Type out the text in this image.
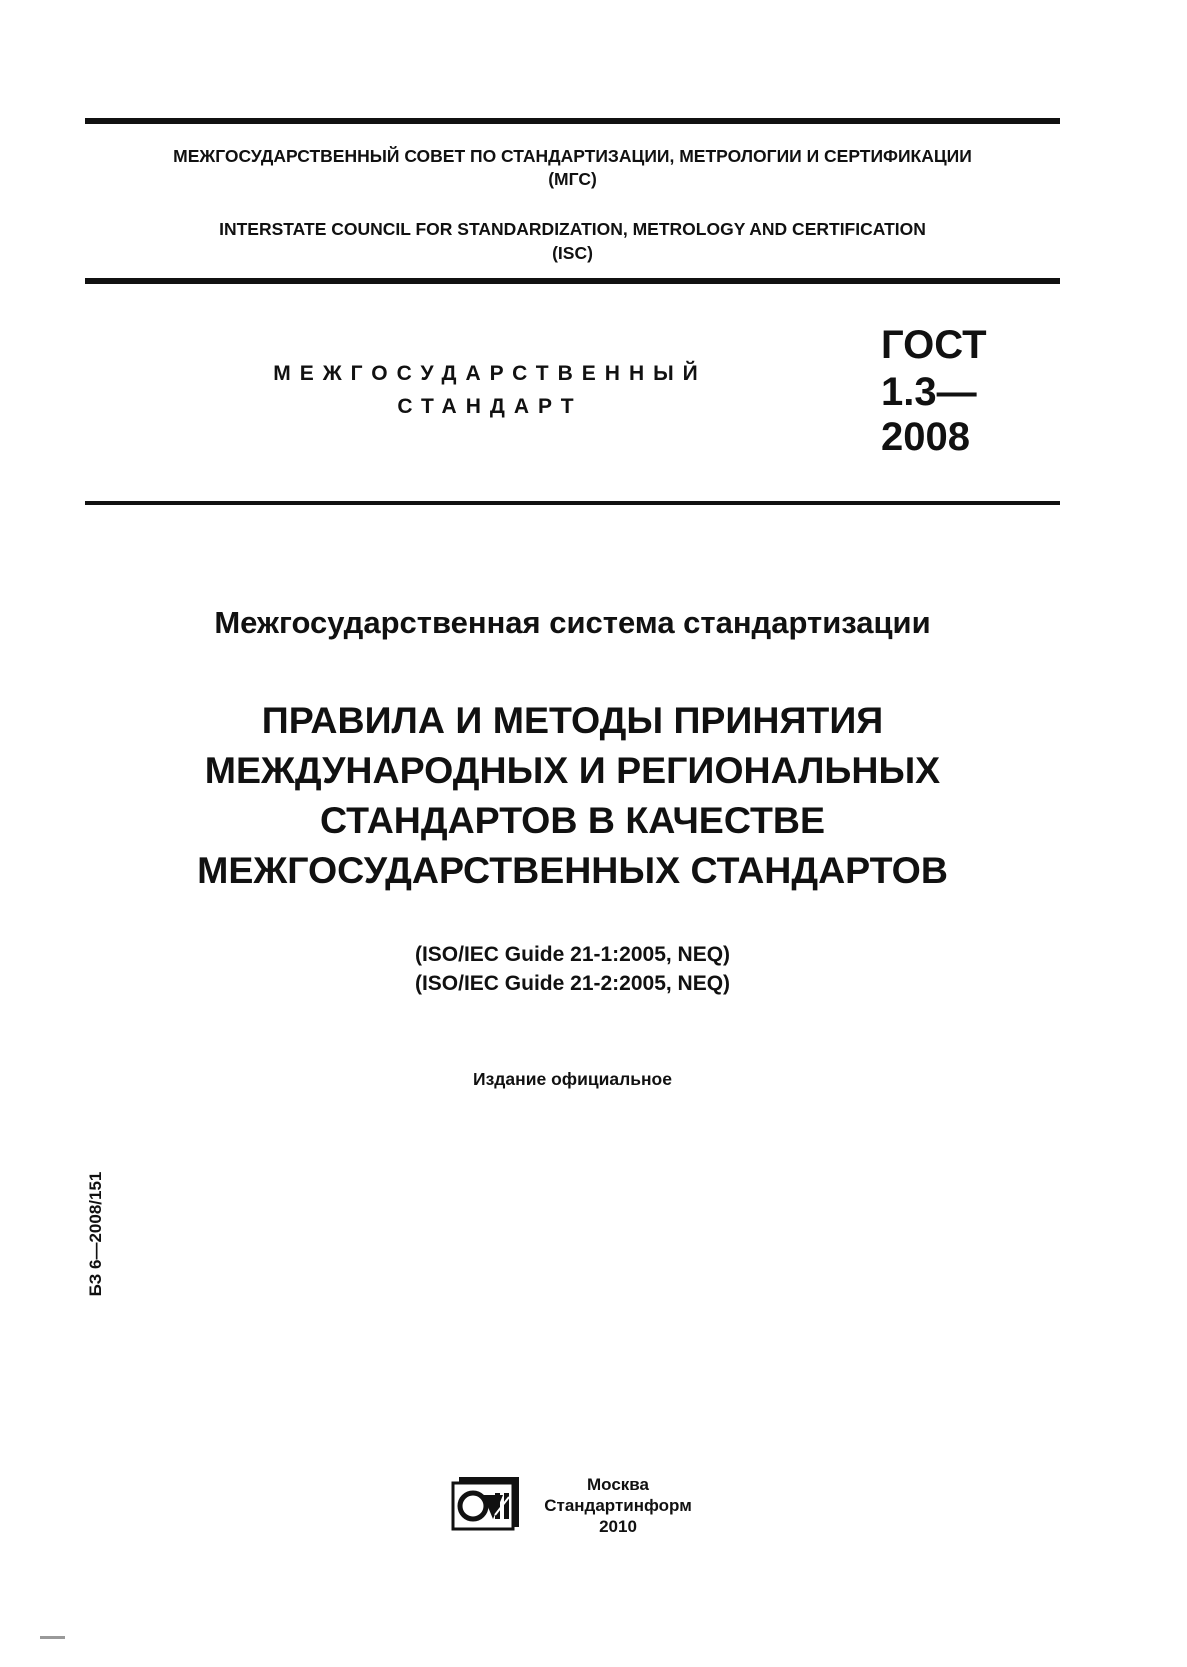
МЕЖГОСУДАРСТВЕННЫЙ СОВЕТ ПО СТАНДАРТИЗАЦИИ, МЕТРОЛОГИИ И СЕРТИФИКАЦИИ
(МГС)
INTERSTATE COUNCIL FOR STANDARDIZATION, METROLOGY AND CERTIFICATION
(ISC)
МЕЖГОСУДАРСТВЕННЫЙ
СТАНДАРТ
ГОСТ
1.3—
2008
Межгосударственная система стандартизации
ПРАВИЛА И МЕТОДЫ ПРИНЯТИЯ
МЕЖДУНАРОДНЫХ И РЕГИОНАЛЬНЫХ
СТАНДАРТОВ В КАЧЕСТВЕ
МЕЖГОСУДАРСТВЕННЫХ СТАНДАРТОВ
(ISO/IEC Guide 21-1:2005, NEQ)
(ISO/IEC Guide 21-2:2005, NEQ)
Издание официальное
БЗ 6—2008/151
Москва
Стандартинформ
2010
